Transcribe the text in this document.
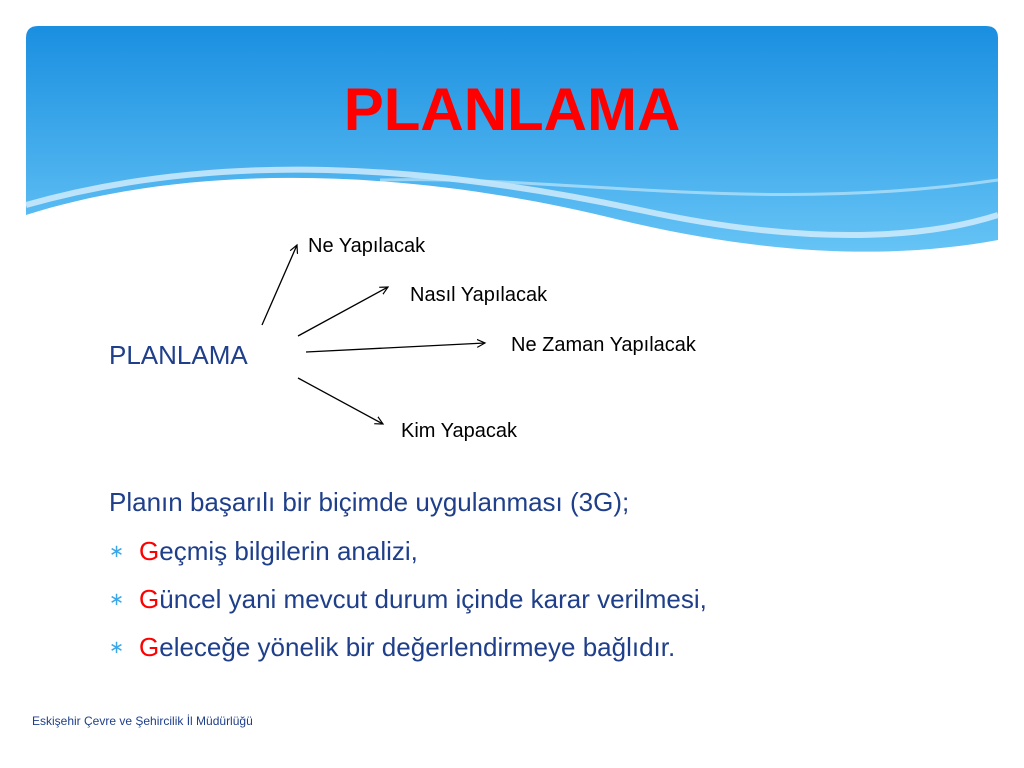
PLANLAMA
Ne Yapılacak
Nasıl Yapılacak
Ne Zaman Yapılacak
Kim Yapacak
PLANLAMA
Planın başarılı bir biçimde uygulanması (3G);
∗ Geçmiş bilgilerin analizi,
∗ Güncel yani mevcut durum içinde karar verilmesi,
∗ Geleceğe yönelik bir değerlendirmeye bağlıdır.
Eskişehir Çevre ve Şehircilik İl Müdürlüğü
